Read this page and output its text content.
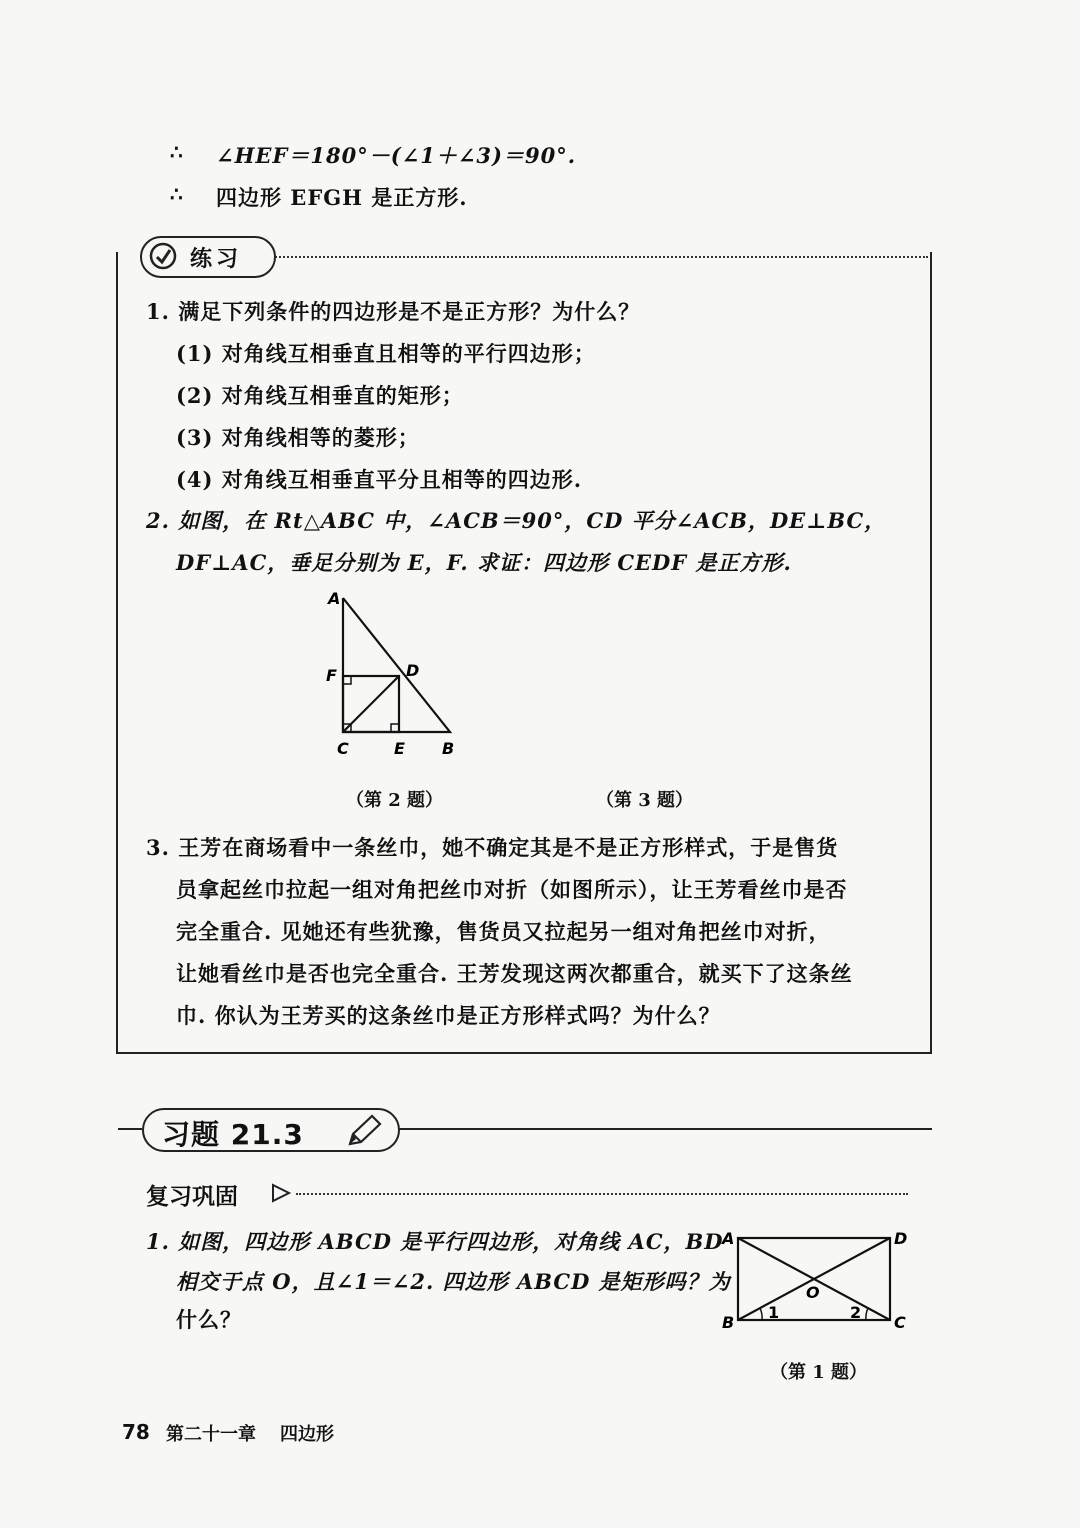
∴ ∠HEF＝180°－(∠1＋∠3)＝90°.
∴ 四边形 EFGH 是正方形.
练习
1. 满足下列条件的四边形是不是正方形？为什么？
(1) 对角线互相垂直且相等的平行四边形；
(2) 对角线互相垂直的矩形；
(3) 对角线相等的菱形；
(4) 对角线互相垂直平分且相等的四边形.
2. 如图，在 Rt△ABC 中，∠ACB＝90°，CD 平分∠ACB，DE⊥BC，
DF⊥AC，垂足分别为 E，F. 求证：四边形 CEDF 是正方形.
A
F	D
C	E B
（第 2 题）	（第 3 题）
3. 王芳在商场看中一条丝巾，她不确定其是不是正方形样式，于是售货
员拿起丝巾拉起一组对角把丝巾对折（如图所示），让王芳看丝巾是否
完全重合. 见她还有些犹豫，售货员又拉起另一组对角把丝巾对折，
让她看丝巾是否也完全重合. 王芳发现这两次都重合，就买下了这条丝
巾. 你认为王芳买的这条丝巾是正方形样式吗？为什么？
习题 21.3
复习巩固
1. 如图，四边形 ABCD 是平行四边形，对角线 AC，BD
相交于点 O，且∠1＝∠2. 四边形 ABCD 是矩形吗？为
什么？
A	D
B	C
O
1	2
（第 1 题）
78 第二十一章 四边形
